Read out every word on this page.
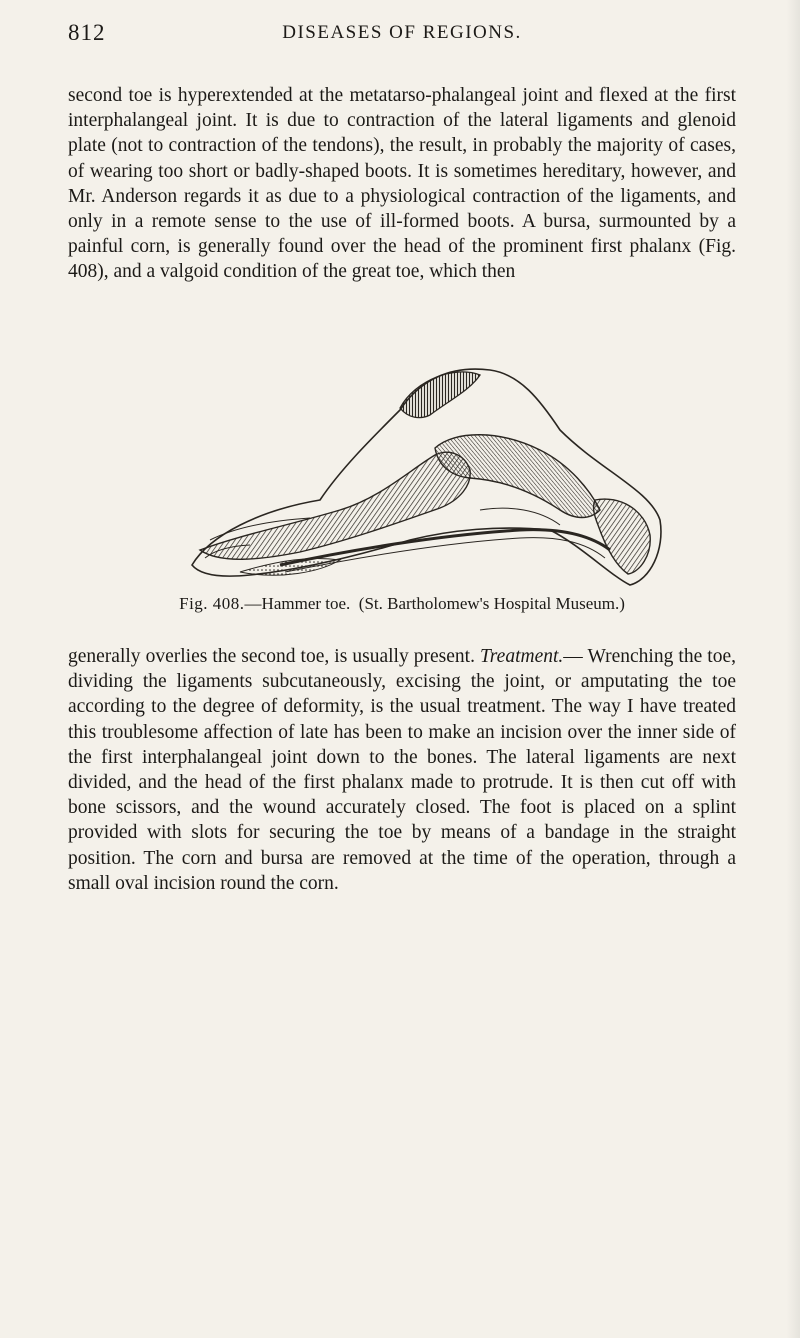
812	DISEASES OF REGIONS.

second toe is hyperextended at the metatarso-phalangeal joint and flexed at the first interphalangeal joint. It is due to contraction of the lateral ligaments and glenoid plate (not to contraction of the tendons), the result, in probably the majority of cases, of wearing too short or badly-shaped boots. It is sometimes hereditary, however, and Mr. Anderson regards it as due to a physiological contraction of the ligaments, and only in a remote sense to the use of ill-formed boots. A bursa, surmounted by a painful corn, is generally found over the head of the prominent first phalanx (Fig. 408), and a valgoid condition of the great toe, which then

Fig. 408.—Hammer toe. (St. Bartholomew's Hospital Museum.)

generally overlies the second toe, is usually present. Treatment.— Wrenching the toe, dividing the ligaments subcutaneously, excising the joint, or amputating the toe according to the degree of deformity, is the usual treatment. The way I have treated this troublesome affection of late has been to make an incision over the inner side of the first interphalangeal joint down to the bones. The lateral ligaments are next divided, and the head of the first phalanx made to protrude. It is then cut off with bone scissors, and the wound accurately closed. The foot is placed on a splint provided with slots for securing the toe by means of a bandage in the straight position. The corn and bursa are removed at the time of the operation, through a small oval incision round the corn.
